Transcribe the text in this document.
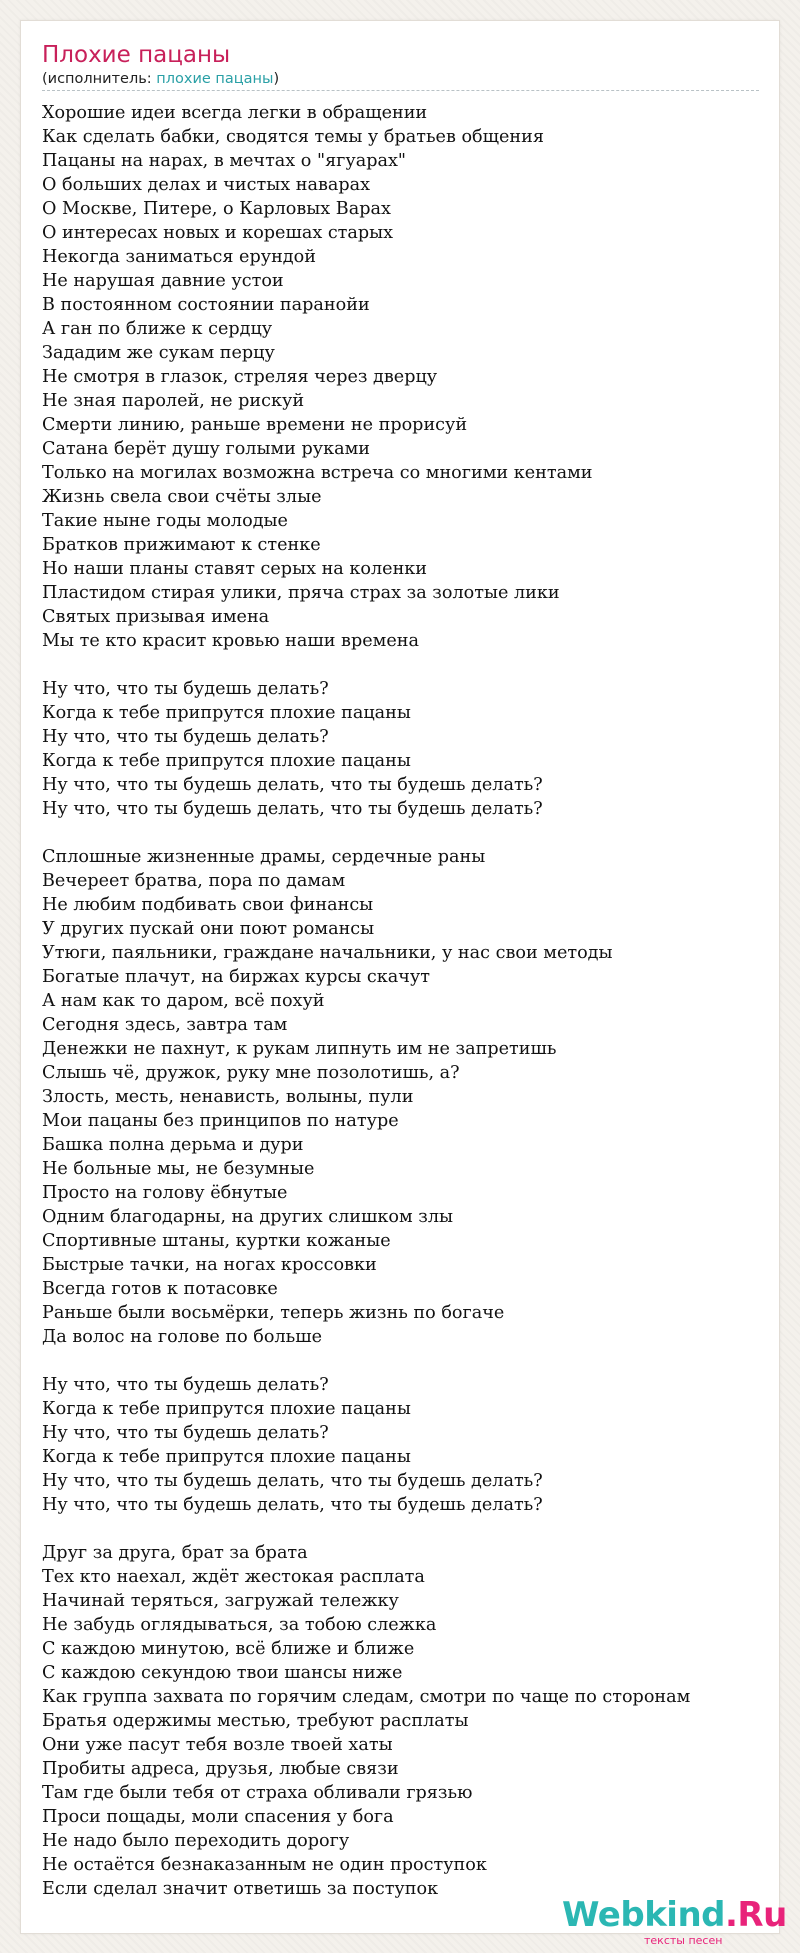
Плохие пацаны
(исполнитель: плохие пацаны)
Хорошие идеи всегда легки в обращении
Как сделать бабки, сводятся темы у братьев общения
Пацаны на нарах, в мечтах о "ягуарах"
О больших делах и чистых наварах
О Москве, Питере, о Карловых Варах
О интересах новых и корешах старых
Некогда заниматься ерундой
Не нарушая давние устои
В постоянном состоянии паранойи
А ган по ближе к сердцу
Зададим же сукам перцу
Не смотря в глазок, стреляя через дверцу
Не зная паролей, не рискуй
Смерти линию, раньше времени не прорисуй
Сатана берёт душу голыми руками
Только на могилах возможна встреча со многими кентами
Жизнь свела свои счёты злые
Такие ныне годы молодые
Братков прижимают к стенке
Но наши планы ставят серых на коленки
Пластидом стирая улики, пряча страх за золотые лики
Святых призывая имена
Мы те кто красит кровью наши времена
Ну что, что ты будешь делать?
Когда к тебе припрутся плохие пацаны
Ну что, что ты будешь делать?
Когда к тебе припрутся плохие пацаны
Ну что, что ты будешь делать, что ты будешь делать?
Ну что, что ты будешь делать, что ты будешь делать?
Сплошные жизненные драмы, сердечные раны
Вечереет братва, пора по дамам
Не любим подбивать свои финансы
У других пускай они поют романсы
Утюги, паяльники, граждане начальники, у нас свои методы
Богатые плачут, на биржах курсы скачут
А нам как то даром, всё похуй
Сегодня здесь, завтра там
Денежки не пахнут, к рукам липнуть им не запретишь
Слышь чё, дружок, руку мне позолотишь, а?
Злость, месть, ненависть, волыны, пули
Мои пацаны без принципов по натуре
Башка полна дерьма и дури
Не больные мы, не безумные
Просто на голову ёбнутые
Одним благодарны, на других слишком злы
Спортивные штаны, куртки кожаные
Быстрые тачки, на ногах кроссовки
Всегда готов к потасовке
Раньше были восьмёрки, теперь жизнь по богаче
Да волос на голове по больше
Ну что, что ты будешь делать?
Когда к тебе припрутся плохие пацаны
Ну что, что ты будешь делать?
Когда к тебе припрутся плохие пацаны
Ну что, что ты будешь делать, что ты будешь делать?
Ну что, что ты будешь делать, что ты будешь делать?
Друг за друга, брат за брата
Тех кто наехал, ждёт жестокая расплата
Начинай теряться, загружай тележку
Не забудь оглядываться, за тобою слежка
С каждою минутою, всё ближе и ближе
С каждою секундою твои шансы ниже
Как группа захвата по горячим следам, смотри по чаще по сторонам
Братья одержимы местью, требуют расплаты
Они уже пасут тебя возле твоей хаты
Пробиты адреса, друзья, любые связи
Там где были тебя от страха обливали грязью
Проси пощады, моли спасения у бога
Не надо было переходить дорогу
Не остаётся безнаказанным не один проступок
Если сделал значит ответишь за поступок
Webkind.Ru
тексты песен
